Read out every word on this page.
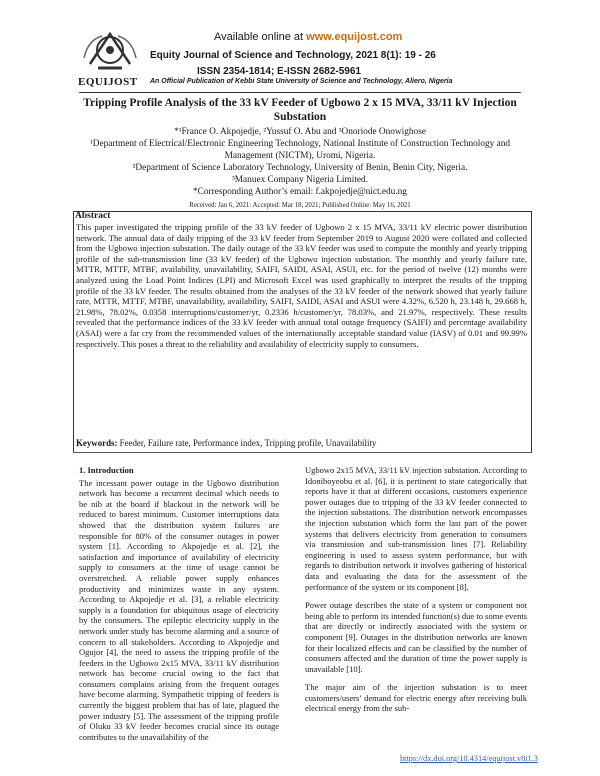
Available online at www.equijost.com
Equity Journal of Science and Technology, 2021 8(1): 19 - 26
ISSN 2354-1814; E-ISSN 2682-5961
EQUIJOST An Official Publication of Kebbi State University of Science and Technology, Aliero, Nigeria
Tripping Profile Analysis of the 33 kV Feeder of Ugbowo 2 x 15 MVA, 33/11 kV Injection Substation
*¹France O. Akpojedje, ²Yussuf O. Abu and ³Onoriode Onowighose
¹Department of Electrical/Electronic Engineering Technology, National Institute of Construction Technology and Management (NICTM), Uromi, Nigeria.
²Department of Science Laboratory Technology, University of Benin, Benin City, Nigeria.
³Manuex Company Nigeria Limited.
*Corresponding Author’s email: f.akpojedje@nict.edu.ng
Received: Jan 6, 2021: Accepted: Mar 18, 2021; Published Online: May 16, 2021
Abstract
This paper investigated the tripping profile of the 33 kV feeder of Ugbowo 2 x 15 MVA, 33/11 kV electric power distribution network. The annual data of daily tripping of the 33 kV feeder from September 2019 to August 2020 were collated and collected from the Ugbowo injection substation. The daily outage of the 33 kV feeder was used to compute the monthly and yearly tripping profile of the sub-transmission line (33 kV feeder) of the Ugbowo injection substation. The monthly and yearly failure rate, MTTR, MTTF, MTBF, availability, unavailability, SAIFI, SAIDI, ASAI, ASUI, etc. for the period of twelve (12) months were analyzed using the Load Point Indices (LPI) and Microsoft Excel was used graphically to interpret the results of the tripping profile of the 33 kV feeder. The results obtained from the analyses of the 33 kV feeder of the network showed that yearly failure rate, MTTR, MTTF, MTBF, unavailability, availability, SAIFI, SAIDI, ASAI and ASUI were 4.32%, 6.520 h, 23.148 h, 29.668 h, 21.98%, 78.02%, 0.0358 interruptions/customer/yr, 0.2336 h/customer/yr, 78.03%, and 21.97%, respectively. These results revealed that the performance indices of the 33 kV feeder with annual total outage frequency (SAIFI) and percentage availability (ASAI) were a far cry from the recommended values of the internationally acceptable standard value (IASV) of 0.01 and 99.99% respectively. This poses a threat to the reliability and availability of electricity supply to consumers.
Keywords: Feeder, Failure rate, Performance index, Tripping profile, Unavailability
1. Introduction

The incessant power outage in the Ugbowo distribution network has become a recurrent decimal which needs to be nib at the board if blackout in the network will be reduced to barest minimum. Customer interruptions data showed that the distribution system failures are responsible for 80% of the consumer outages in power system [1]. According to Akpojedje et al. [2], the satisfaction and importance of availability of electricity supply to consumers at the time of usage cannot be overstretched. A reliable power supply enhances productivity and minimizes waste in any system. According to Akpojedje et al. [3], a reliable electricity supply is a foundation for ubiquitous usage of electricity by the consumers. The epileptic electricity supply in the network under study has become alarming and a source of concern to all stakeholders. According to Akpojedje and Ogujor [4], the need to assess the tripping profile of the feeders in the Ugbowo 2x15 MVA, 33/11 kV distribution network has become crucial owing to the fact that consumers complains arising from the frequent outages have become alarming. Sympathetic tripping of feeders is currently the biggest problem that has of late, plagued the power industry [5]. The assessment of the tripping profile of Oluku 33 kV feeder becomes crucial since its outage contributes to the unavailability of the

Ugbowo 2x15 MVA, 33/11 kV injection substation. According to Idoniboyeobu et al. [6], it is pertinent to state categorically that reports have it that at different occasions, customers experience power outages due to tripping of the 33 kV feeder connected to the injection substations. The distribution network encompasses the injection substation which form the last part of the power systems that delivers electricity from generation to consumers via transmission and sub-transmission lines [7]. Reliability engineering is used to assess system performance, but with regards to distribution network it involves gathering of historical data and evaluating the data for the assessment of the performance of the system or its component [8].

Power outage describes the state of a system or component not being able to perform its intended function(s) due to some events that are directly or indirectly associated with the system or component [9]. Outages in the distribution networks are known for their localized effects and can be classified by the number of consumers affected and the duration of time the power supply is unavailable [10].

The major aim of the injection substation is to meet customers/users’ demand for electric energy after receiving bulk electrical energy from the sub-

https://dx.doi.org/10.4314/equijost.v8i1.3
